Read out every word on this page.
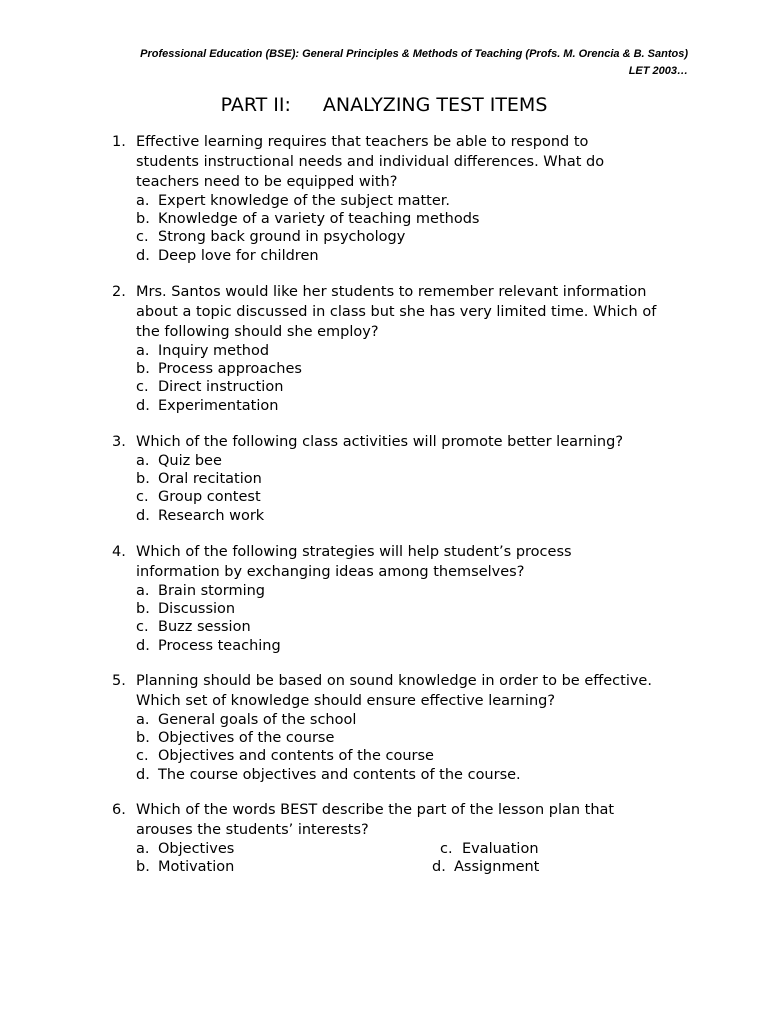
Professional Education (BSE): General Principles & Methods of Teaching (Profs. M. Orencia & B. Santos)
LET 2003…
PART II: ANALYZING TEST ITEMS
1. Effective learning requires that teachers be able to respond to
students instructional needs and individual differences. What do
teachers need to be equipped with?
a. Expert knowledge of the subject matter.
b. Knowledge of a variety of teaching methods
c. Strong back ground in psychology
d. Deep love for children
2. Mrs. Santos would like her students to remember relevant information
about a topic discussed in class but she has very limited time. Which of
the following should she employ?
a. Inquiry method
b. Process approaches
c. Direct instruction
d. Experimentation
3. Which of the following class activities will promote better learning?
a. Quiz bee
b. Oral recitation
c. Group contest
d. Research work
4. Which of the following strategies will help student’s process
information by exchanging ideas among themselves?
a. Brain storming
b. Discussion
c. Buzz session
d. Process teaching
5. Planning should be based on sound knowledge in order to be effective.
Which set of knowledge should ensure effective learning?
a. General goals of the school
b. Objectives of the course
c. Objectives and contents of the course
d. The course objectives and contents of the course.
6. Which of the words BEST describe the part of the lesson plan that
arouses the students’ interests?
a. Objectives	c. Evaluation
b. Motivation	d. Assignment
